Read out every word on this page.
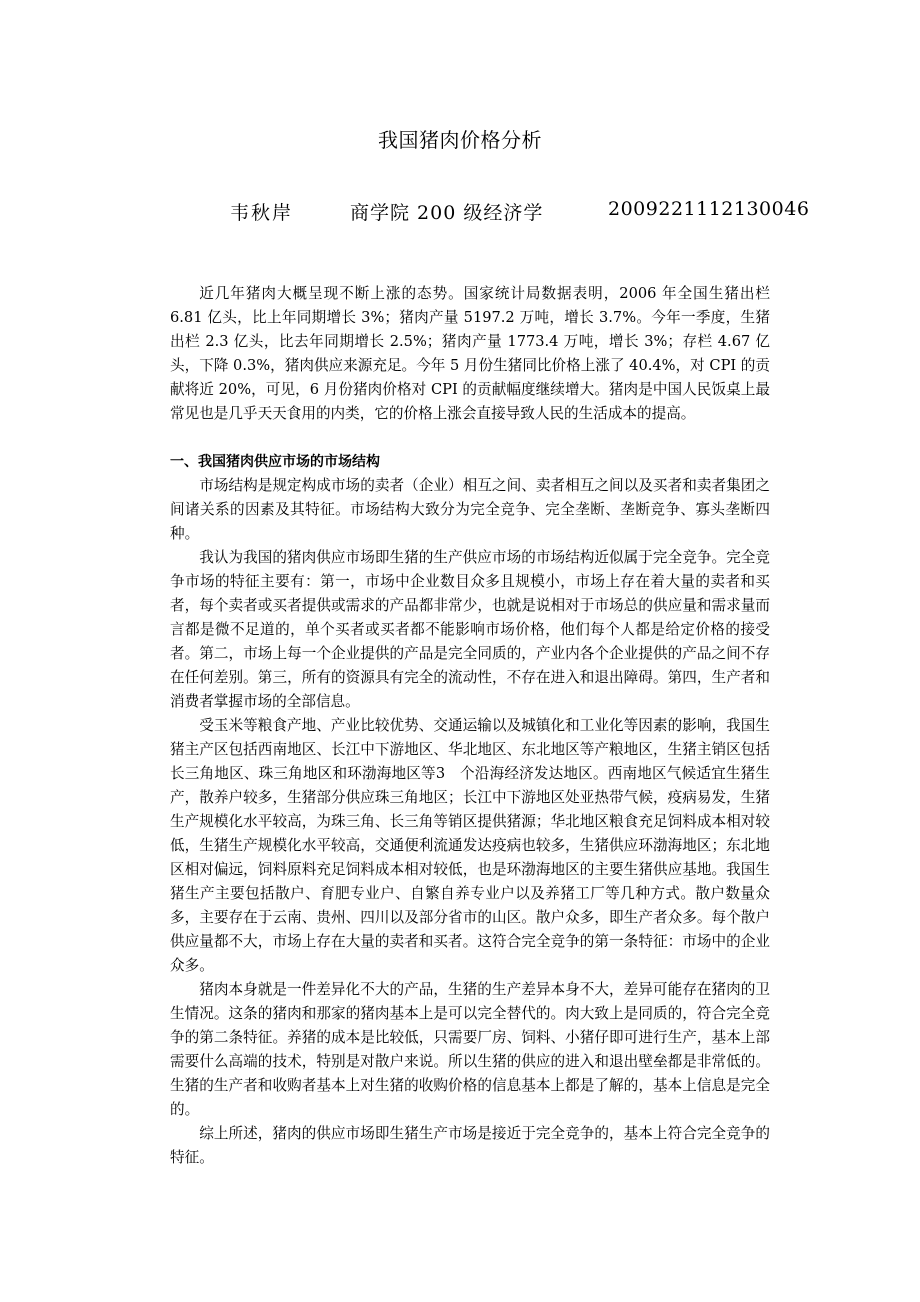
我国猪肉价格分析
韦秋岸	商学院 200 级经济学	2009221112130046

近几年猪肉大概呈现不断上涨的态势。国家统计局数据表明，2006 年全国生猪出栏 6.81 亿头，比上年同期增长 3%；猪肉产量 5197.2 万吨，增长 3.7%。今年一季度，生猪出栏 2.3 亿头，比去年同期增长 2.5%；猪肉产量 1773.4 万吨，增长 3%；存栏 4.67 亿头，下降 0.3%，猪肉供应来源充足。今年 5 月份生猪同比价格上涨了 40.4%，对 CPI 的贡献将近 20%，可见，6 月份猪肉价格对 CPI 的贡献幅度继续增大。猪肉是中国人民饭桌上最常见也是几乎天天食用的内类，它的价格上涨会直接导致人民的生活成本的提高。

一、我国猪肉供应市场的市场结构

市场结构是规定构成市场的卖者（企业）相互之间、卖者相互之间以及买者和卖者集团之间诸关系的因素及其特征。市场结构大致分为完全竞争、完全垄断、垄断竞争、寡头垄断四种。

我认为我国的猪肉供应市场即生猪的生产供应市场的市场结构近似属于完全竞争。完全竞争市场的特征主要有：第一，市场中企业数目众多且规模小，市场上存在着大量的卖者和买者，每个卖者或买者提供或需求的产品都非常少，也就是说相对于市场总的供应量和需求量而言都是微不足道的，单个买者或买者都不能影响市场价格，他们每个人都是给定价格的接受者。第二，市场上每一个企业提供的产品是完全同质的，产业内各个企业提供的产品之间不存在任何差别。第三，所有的资源具有完全的流动性，不存在进入和退出障碍。第四，生产者和消费者掌握市场的全部信息。

受玉米等粮食产地、产业比较优势、交通运输以及城镇化和工业化等因素的影响，我国生猪主产区包括西南地区、长江中下游地区、华北地区、东北地区等产粮地区，生猪主销区包括长三角地区、珠三角地区和环渤海地区等3　个沿海经济发达地区。西南地区气候适宜生猪生产，散养户较多，生猪部分供应珠三角地区；长江中下游地区处亚热带气候，疫病易发，生猪生产规模化水平较高，为珠三角、长三角等销区提供猪源；华北地区粮食充足饲料成本相对较低，生猪生产规模化水平较高，交通便利流通发达疫病也较多，生猪供应环渤海地区；东北地区相对偏远，饲料原料充足饲料成本相对较低，也是环渤海地区的主要生猪供应基地。我国生猪生产主要包括散户、育肥专业户、自繁自养专业户以及养猪工厂等几种方式。散户数量众多，主要存在于云南、贵州、四川以及部分省市的山区。散户众多，即生产者众多。每个散户供应量都不大，市场上存在大量的卖者和买者。这符合完全竞争的第一条特征：市场中的企业众多。

猪肉本身就是一件差异化不大的产品，生猪的生产差异本身不大，差异可能存在猪肉的卫生情况。这条的猪肉和那家的猪肉基本上是可以完全替代的。肉大致上是同质的，符合完全竞争的第二条特征。养猪的成本是比较低，只需要厂房、饲料、小猪仔即可进行生产，基本上部需要什么高端的技术，特别是对散户来说。所以生猪的供应的进入和退出壁垒都是非常低的。生猪的生产者和收购者基本上对生猪的收购价格的信息基本上都是了解的，基本上信息是完全的。

综上所述，猪肉的供应市场即生猪生产市场是接近于完全竞争的，基本上符合完全竞争的特征。
